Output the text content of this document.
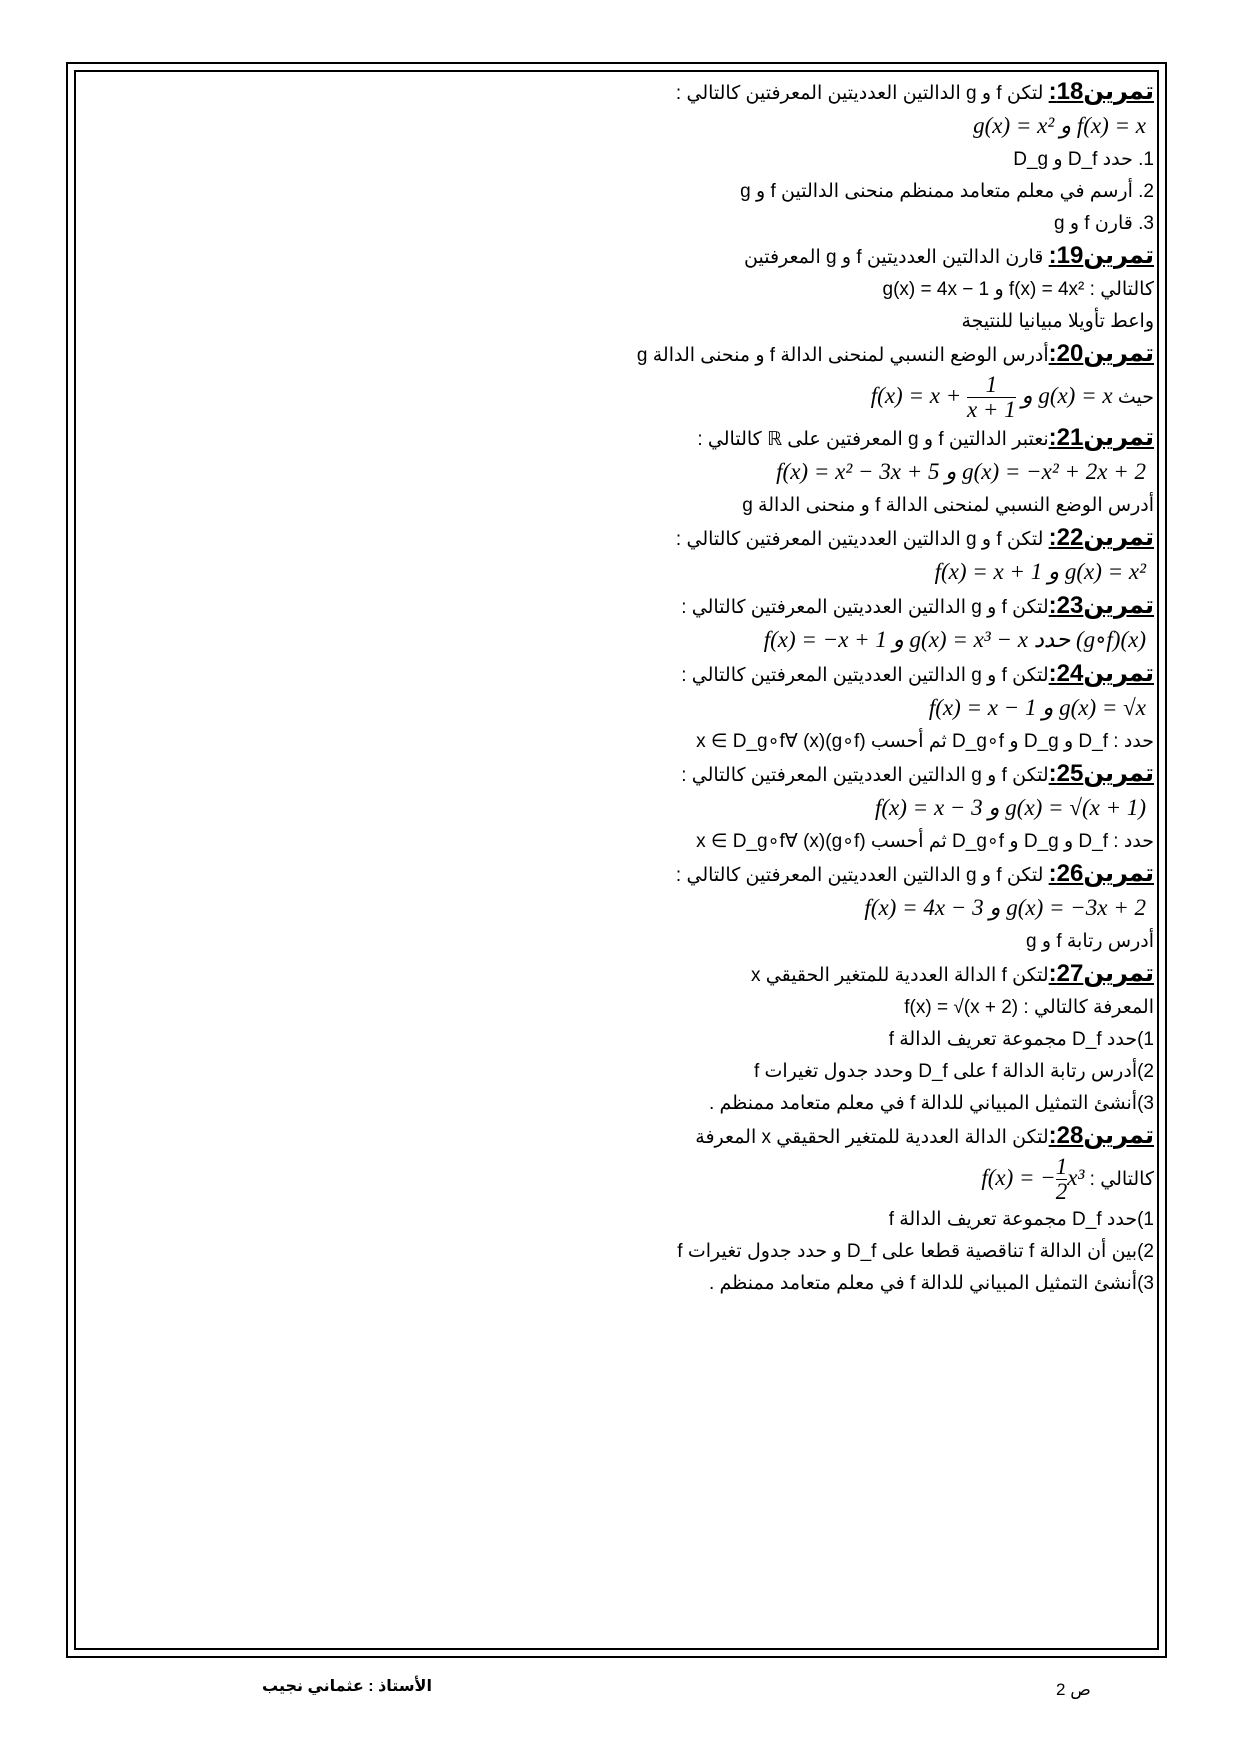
تمرين18: لتكن f و g الدالتين العدديتين المعرفتين كالتالي :
g(x) = x² و f(x) = x
1. حدد D_f و D_g
2. أرسم في معلم متعامد ممنظم منحنى الدالتين f و g
3. قارن f و g
تمرين19: قارن الدالتين العدديتين f و g المعرفتين
كالتالي : f(x) = 4x² و g(x) = 4x − 1
واعط تأويلا مبيانيا للنتيجة
تمرين20:أدرس الوضع النسبي لمنحنى الدالة f و منحنى الدالة g
حيث $f(x) = x + \frac{1}{x + 1}$ و g(x) = x
تمرين21:نعتبر الدالتين f و g المعرفتين على ℝ كالتالي :
f(x) = x² − 3x + 5 و g(x) = −x² + 2x + 2
أدرس الوضع النسبي لمنحنى الدالة f و منحنى الدالة g
تمرين22: لتكن f و g الدالتين العدديتين المعرفتين كالتالي :
f(x) = x + 1 و g(x) = x²
تمرين23:لتكن f و g الدالتين العدديتين المعرفتين كالتالي :
f(x) = −x + 1 و g(x) = x³ − x حدد (g∘f)(x)
تمرين24:لتكن f و g الدالتين العدديتين المعرفتين كالتالي :
f(x) = x − 1 و g(x) = √x
حدد : D_f و D_g و D_g∘f ثم أحسب (g∘f)(x) ∀x ∈ D_g∘f
تمرين25:لتكن f و g الدالتين العدديتين المعرفتين كالتالي :
f(x) = x − 3 و g(x) = √(x + 1)
حدد : D_f و D_g و D_g∘f ثم أحسب (g∘f)(x) ∀x ∈ D_g∘f
تمرين26: لتكن f و g الدالتين العدديتين المعرفتين كالتالي :
f(x) = 4x − 3 و g(x) = −3x + 2
أدرس رتابة f و g
تمرين27:لتكن f الدالة العددية للمتغير الحقيقي x
المعرفة كالتالي : f(x) = √(x + 2)
1)حدد D_f مجموعة تعريف الدالة f
2)أدرس رتابة الدالة f على D_f وحدد جدول تغيرات f
3)أنشئ التمثيل المبياني للدالة f في معلم متعامد ممنظم .
تمرين28:لتكن الدالة العددية للمتغير الحقيقي x المعرفة
كالتالي : f(x) = − $\frac{1}{2} x^3$
1)حدد D_f مجموعة تعريف الدالة f
2)بين أن الدالة f تناقصية قطعا على D_f و حدد جدول تغيرات f
3)أنشئ التمثيل المبياني للدالة f في معلم متعامد ممنظم .
ص 2
الأستاذ : عثماني نجيب
